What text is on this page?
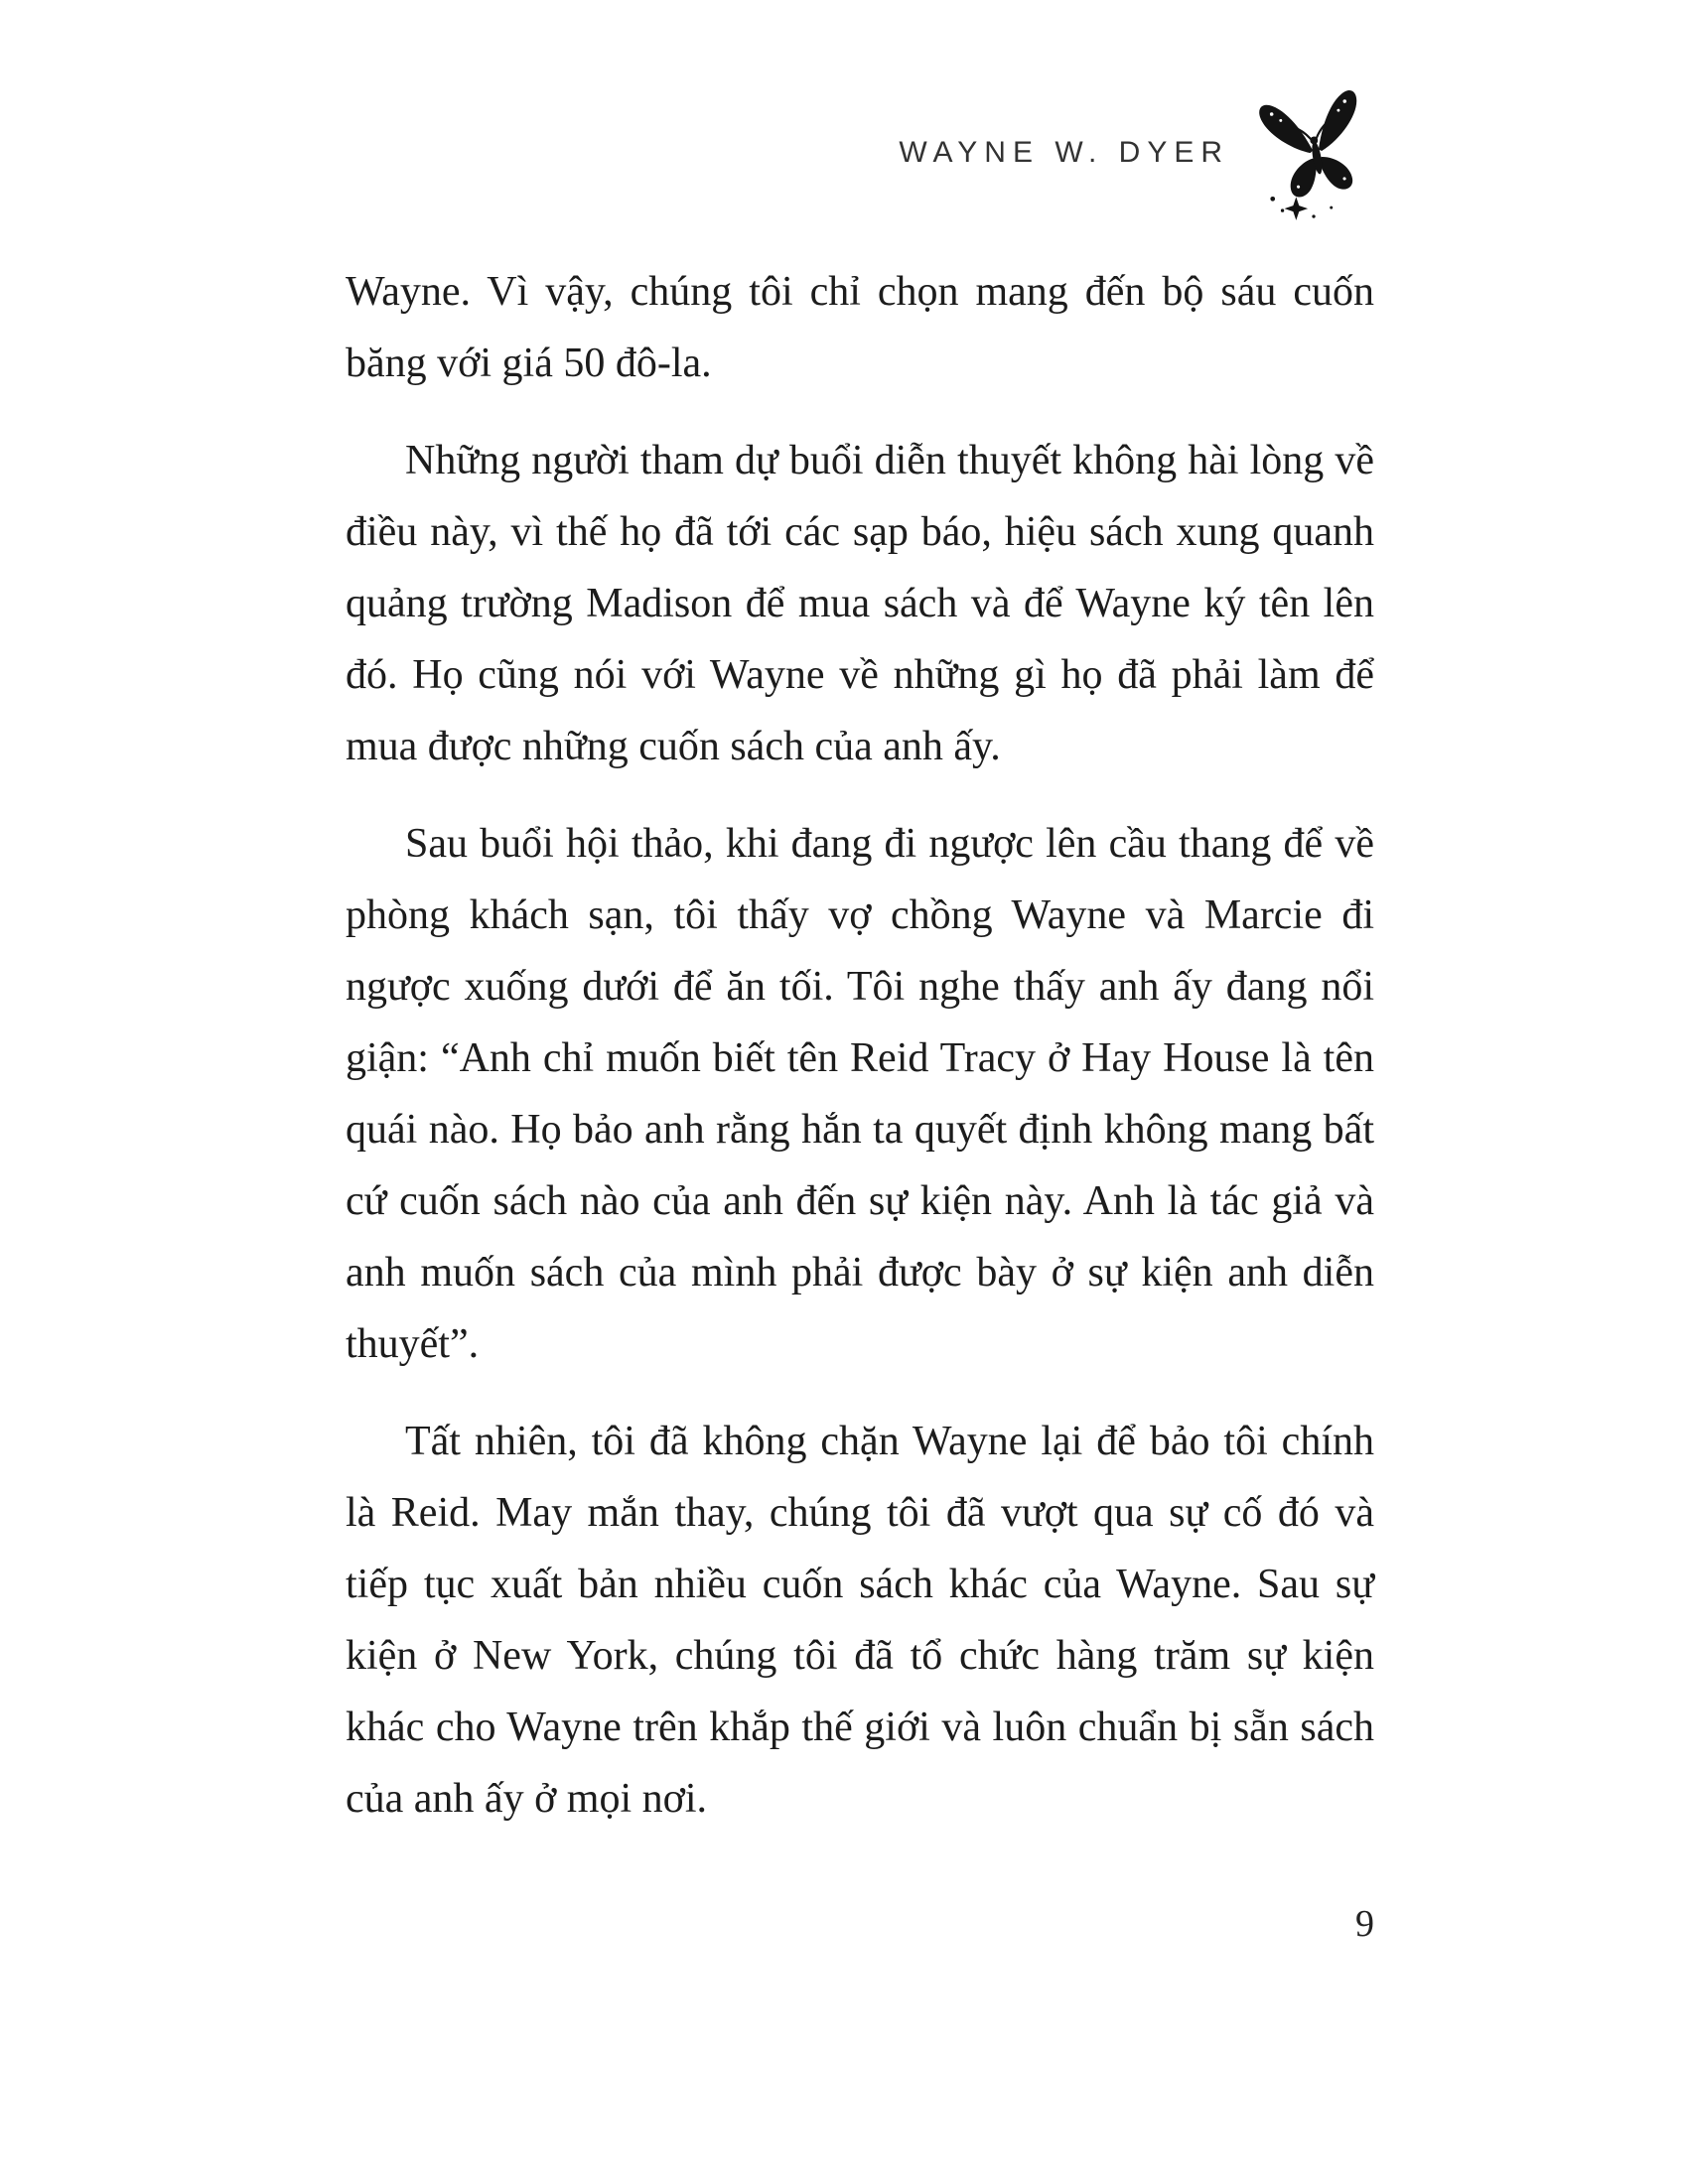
WAYNE W. DYER

Wayne. Vì vậy, chúng tôi chỉ chọn mang đến bộ sáu cuốn băng với giá 50 đô-la.

Những người tham dự buổi diễn thuyết không hài lòng về điều này, vì thế họ đã tới các sạp báo, hiệu sách xung quanh quảng trường Madison để mua sách và để Wayne ký tên lên đó. Họ cũng nói với Wayne về những gì họ đã phải làm để mua được những cuốn sách của anh ấy.

Sau buổi hội thảo, khi đang đi ngược lên cầu thang để về phòng khách sạn, tôi thấy vợ chồng Wayne và Marcie đi ngược xuống dưới để ăn tối. Tôi nghe thấy anh ấy đang nổi giận: “Anh chỉ muốn biết tên Reid Tracy ở Hay House là tên quái nào. Họ bảo anh rằng hắn ta quyết định không mang bất cứ cuốn sách nào của anh đến sự kiện này. Anh là tác giả và anh muốn sách của mình phải được bày ở sự kiện anh diễn thuyết”.

Tất nhiên, tôi đã không chặn Wayne lại để bảo tôi chính là Reid. May mắn thay, chúng tôi đã vượt qua sự cố đó và tiếp tục xuất bản nhiều cuốn sách khác của Wayne. Sau sự kiện ở New York, chúng tôi đã tổ chức hàng trăm sự kiện khác cho Wayne trên khắp thế giới và luôn chuẩn bị sẵn sách của anh ấy ở mọi nơi.

9
